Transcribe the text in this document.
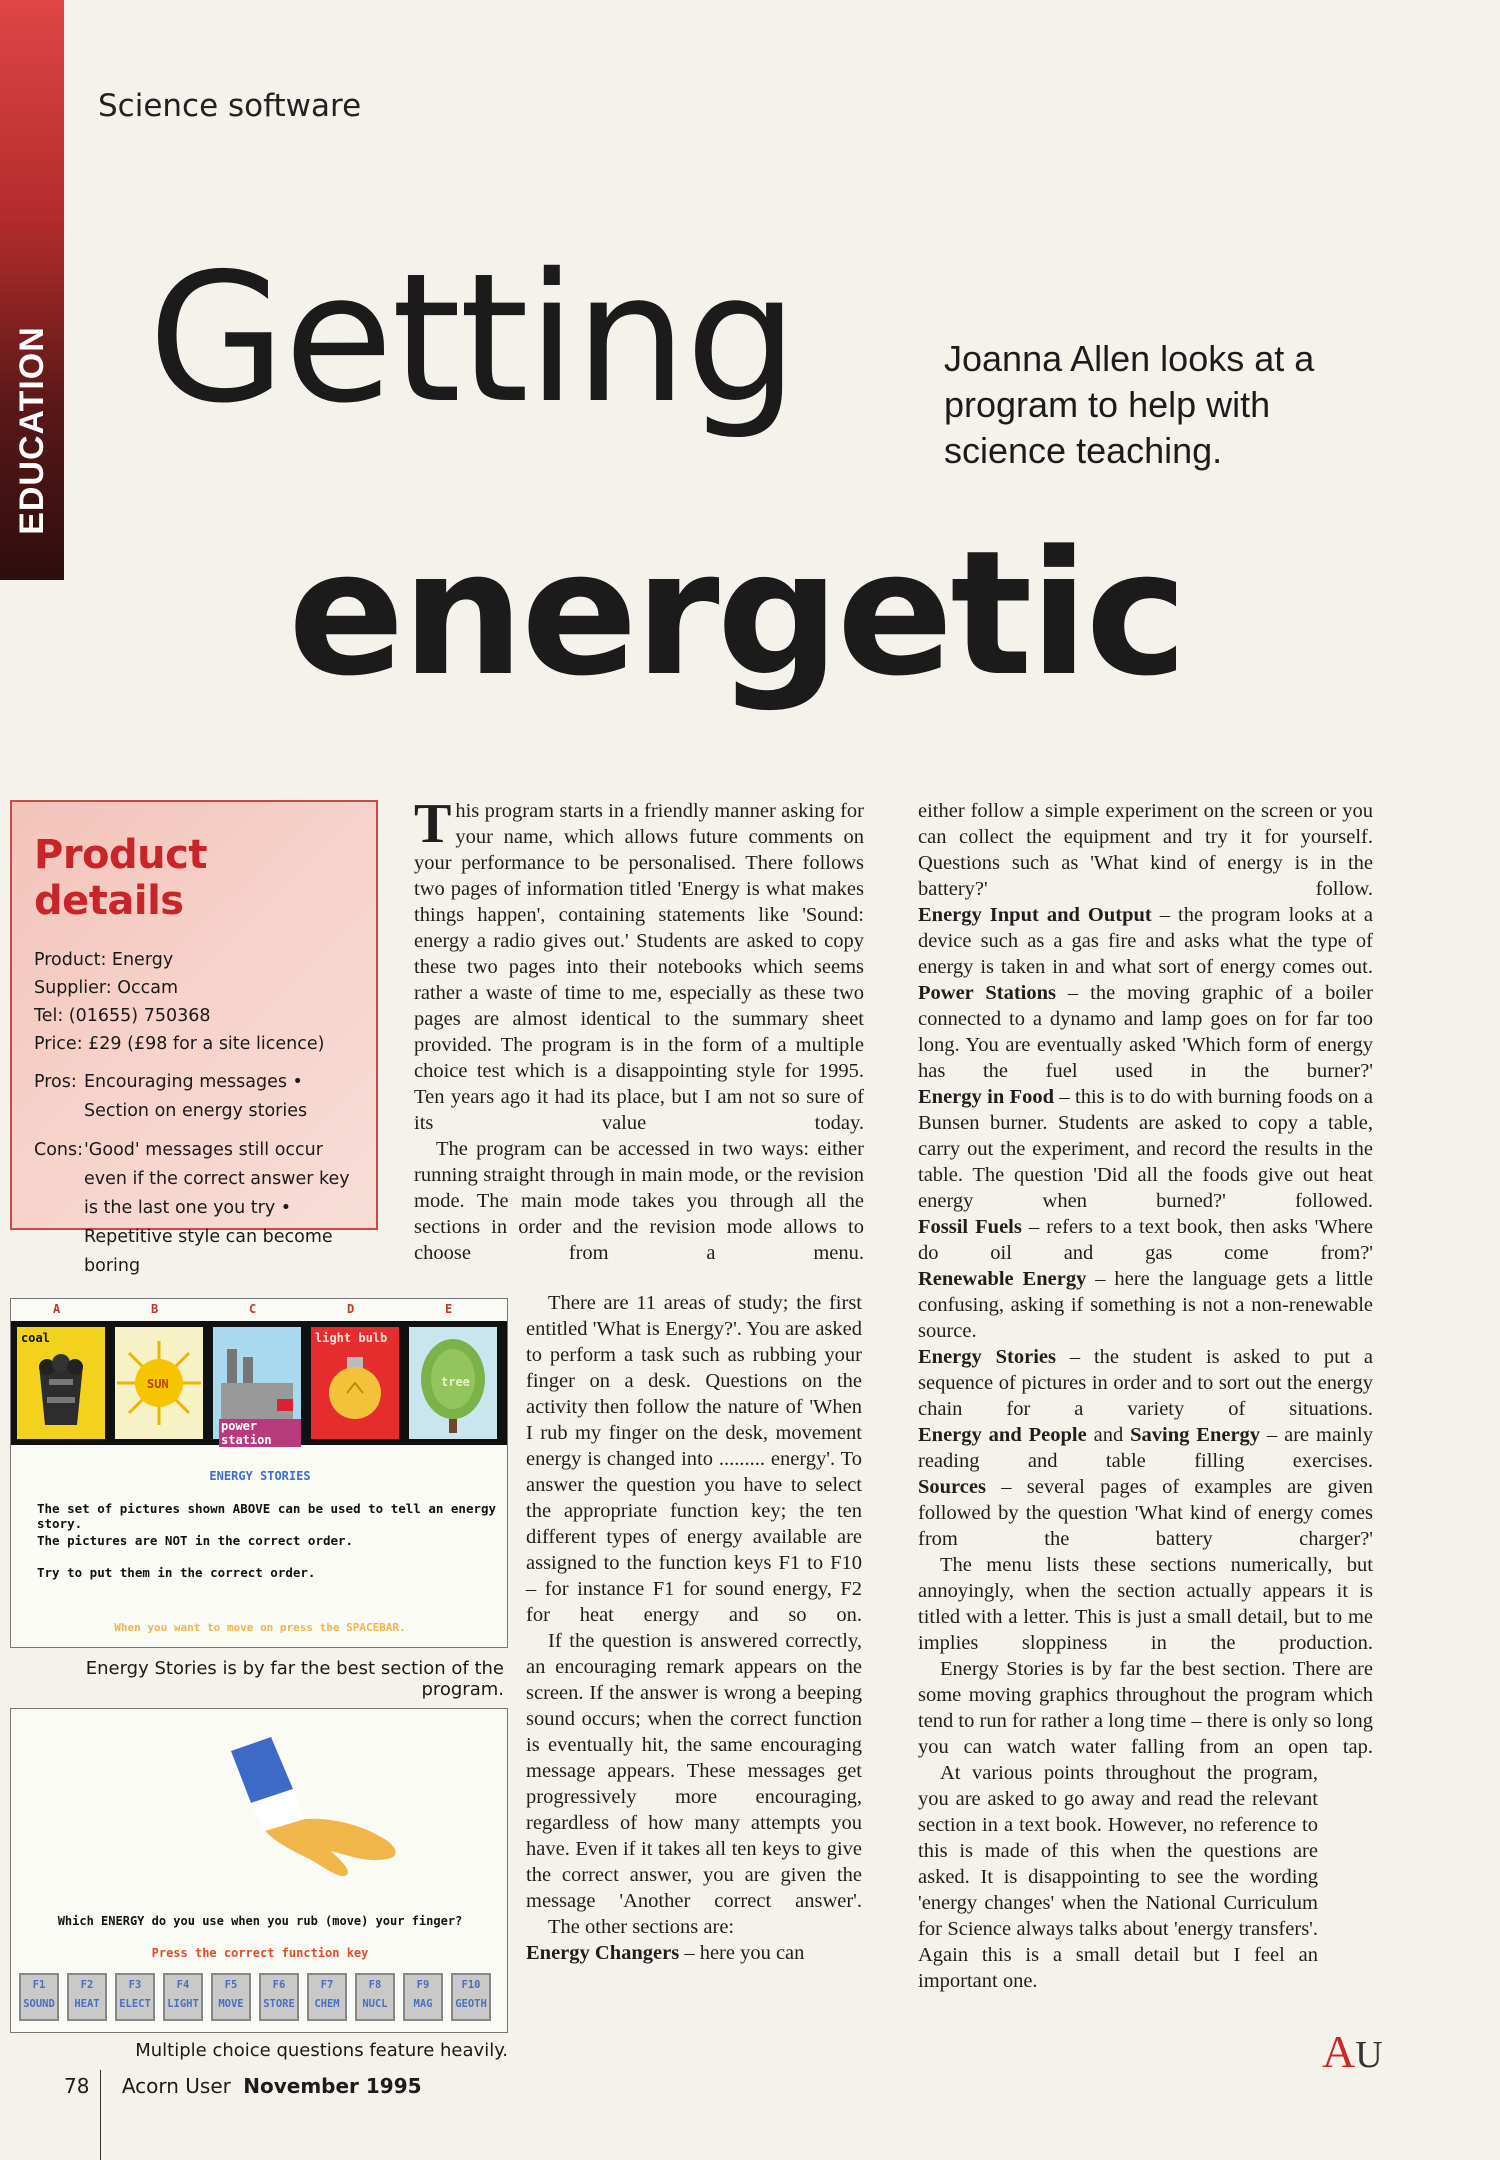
EDUCATION
Science software
Getting
energetic
Joanna Allen looks at a program to help with science teaching.
Product details
Product: Energy
Supplier: Occam
Tel: (01655) 750368
Price: £29 (£98 for a site licence)
Pros: Encouraging messages • Section on energy stories
Cons: 'Good' messages still occur even if the correct answer key is the last one you try • Repetitive style can become boring
A	B	C	D	E
coal
SUN
power station
light bulb
tree
ENERGY STORIES
The set of pictures shown ABOVE can be used to tell an energy story.
The pictures are NOT in the correct order.
Try to put them in the correct order.
When you want to move on press the SPACEBAR.
Energy Stories is by far the best section of the program.
Which ENERGY do you use when you rub (move) your finger?
Press the correct function key
F1
SOUND
F2
HEAT
F3
ELECT
F4
LIGHT
F5
MOVE
F6
STORE
F7
CHEM
F8
NUCL
F9
MAG
F10
GEOTH
Multiple choice questions feature heavily.

This program starts in a friendly manner asking for your name, which allows future comments on your performance to be personalised. There follows two pages of information titled 'Energy is what makes things happen', containing statements like 'Sound: energy a radio gives out.' Students are asked to copy these two pages into their notebooks which seems rather a waste of time to me, especially as these two pages are almost identical to the summary sheet provided. The program is in the form of a multiple choice test which is a disappointing style for 1995. Ten years ago it had its place, but I am not so sure of its value today.

The program can be accessed in two ways: either running straight through in main mode, or the revision mode. The main mode takes you through all the sections in order and the revision mode allows to choose from a menu.

There are 11 areas of study; the first entitled 'What is Energy?'. You are asked to perform a task such as rubbing your finger on a desk. Questions on the activity then follow the nature of 'When I rub my finger on the desk, movement energy is changed into ......... energy'. To answer the question you have to select the appropriate function key; the ten different types of energy available are assigned to the function keys F1 to F10 – for instance F1 for sound energy, F2 for heat energy and so on.

If the question is answered correctly, an encouraging remark appears on the screen. If the answer is wrong a beeping sound occurs; when the correct function is eventually hit, the same encouraging message appears. These messages get progressively more encouraging, regardless of how many attempts you have. Even if it takes all ten keys to give the correct answer, you are given the message 'Another correct answer'.

The other sections are:

Energy Changers – here you can

either follow a simple experiment on the screen or you can collect the equipment and try it for yourself. Questions such as 'What kind of energy is in the battery?' follow.

Energy Input and Output – the program looks at a device such as a gas fire and asks what the type of energy is taken in and what sort of energy comes out.

Power Stations – the moving graphic of a boiler connected to a dynamo and lamp goes on for far too long. You are eventually asked 'Which form of energy has the fuel used in the burner?'

Energy in Food – this is to do with burning foods on a Bunsen burner. Students are asked to copy a table, carry out the experiment, and record the results in the table. The question 'Did all the foods give out heat energy when burned?' followed.

Fossil Fuels – refers to a text book, then asks 'Where do oil and gas come from?'

Renewable Energy – here the language gets a little confusing, asking if something is not a non-renewable source.

Energy Stories – the student is asked to put a sequence of pictures in order and to sort out the energy chain for a variety of situations.

Energy and People and Saving Energy – are mainly reading and table filling exercises.

Sources – several pages of examples are given followed by the question 'What kind of energy comes from the battery charger?'

The menu lists these sections numerically, but annoyingly, when the section actually appears it is titled with a letter. This is just a small detail, but to me implies sloppiness in the production.

Energy Stories is by far the best section. There are some moving graphics throughout the program which tend to run for rather a long time – there is only so long you can watch water falling from an open tap.

At various points throughout the program, you are asked to go away and read the relevant section in a text book. However, no reference to this is made of this when the questions are asked. It is disappointing to see the wording 'energy changes' when the National Curriculum for Science always talks about 'energy transfers'. Again this is a small detail but I feel an important one.

AU
78 Acorn User November 1995
